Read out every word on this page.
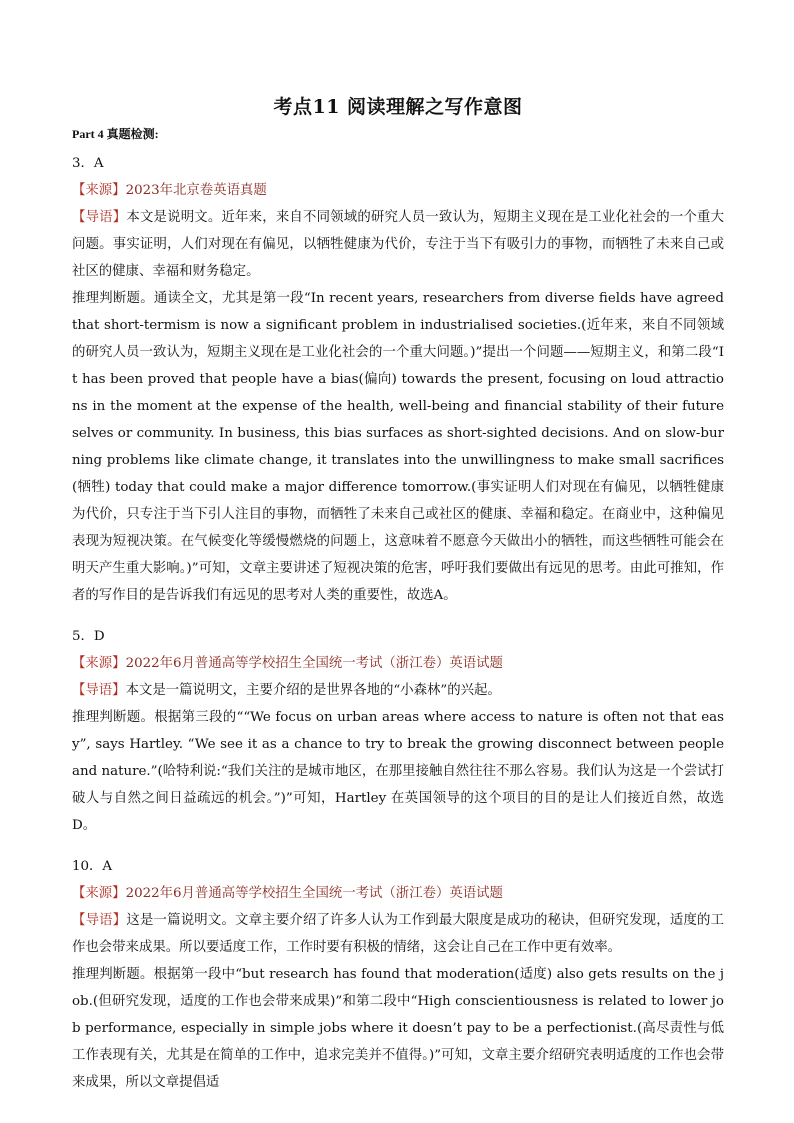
考点11 阅读理解之写作意图
Part 4 真题检测:

3．A

【来源】2023年北京卷英语真题

【导语】本文是说明文。近年来，来自不同领域的研究人员一致认为，短期主义现在是工业化社会的一个重大问题。事实证明，人们对现在有偏见，以牺牲健康为代价，专注于当下有吸引力的事物，而牺牲了未来自己或社区的健康、幸福和财务稳定。

推理判断题。通读全文，尤其是第一段“In recent years, researchers from diverse fields have agreed that short-termism is now a significant problem in industrialised societies.(近年来，来自不同领域的研究人员一致认为，短期主义现在是工业化社会的一个重大问题。)”提出一个问题——短期主义，和第二段“It has been proved that people have a bias(偏向) towards the present, focusing on loud attractions in the moment at the expense of the health, well-being and financial stability of their future selves or community. In business, this bias surfaces as short-sighted decisions. And on slow-burning problems like climate change, it translates into the unwillingness to make small sacrifices(牺牲) today that could make a major difference tomorrow.(事实证明人们对现在有偏见，以牺牲健康为代价，只专注于当下引人注目的事物，而牺牲了未来自己或社区的健康、幸福和稳定。在商业中，这种偏见表现为短视决策。在气候变化等缓慢燃烧的问题上，这意味着不愿意今天做出小的牺牲，而这些牺牲可能会在明天产生重大影响。)”可知，文章主要讲述了短视决策的危害，呼吁我们要做出有远见的思考。由此可推知，作者的写作目的是告诉我们有远见的思考对人类的重要性，故选A。

5．D

【来源】2022年6月普通高等学校招生全国统一考试（浙江卷）英语试题

【导语】本文是一篇说明文，主要介绍的是世界各地的“小森林”的兴起。

推理判断题。根据第三段的““We focus on urban areas where access to nature is often not that easy”, says Hartley. “We see it as a chance to try to break the growing disconnect between people and nature.”(哈特利说:“我们关注的是城市地区，在那里接触自然往往不那么容易。我们认为这是一个尝试打破人与自然之间日益疏远的机会。”)”可知，Hartley 在英国领导的这个项目的目的是让人们接近自然，故选D。

10．A

【来源】2022年6月普通高等学校招生全国统一考试（浙江卷）英语试题

【导语】这是一篇说明文。文章主要介绍了许多人认为工作到最大限度是成功的秘诀，但研究发现，适度的工作也会带来成果。所以要适度工作，工作时要有积极的情绪，这会让自己在工作中更有效率。

推理判断题。根据第一段中“but research has found that moderation(适度) also gets results on the job.(但研究发现，适度的工作也会带来成果)”和第二段中“High conscientiousness is related to lower job performance, especially in simple jobs where it doesn’t pay to be a perfectionist.(高尽责性与低工作表现有关，尤其是在简单的工作中，追求完美并不值得。)”可知，文章主要介绍研究表明适度的工作也会带来成果，所以文章提倡适
